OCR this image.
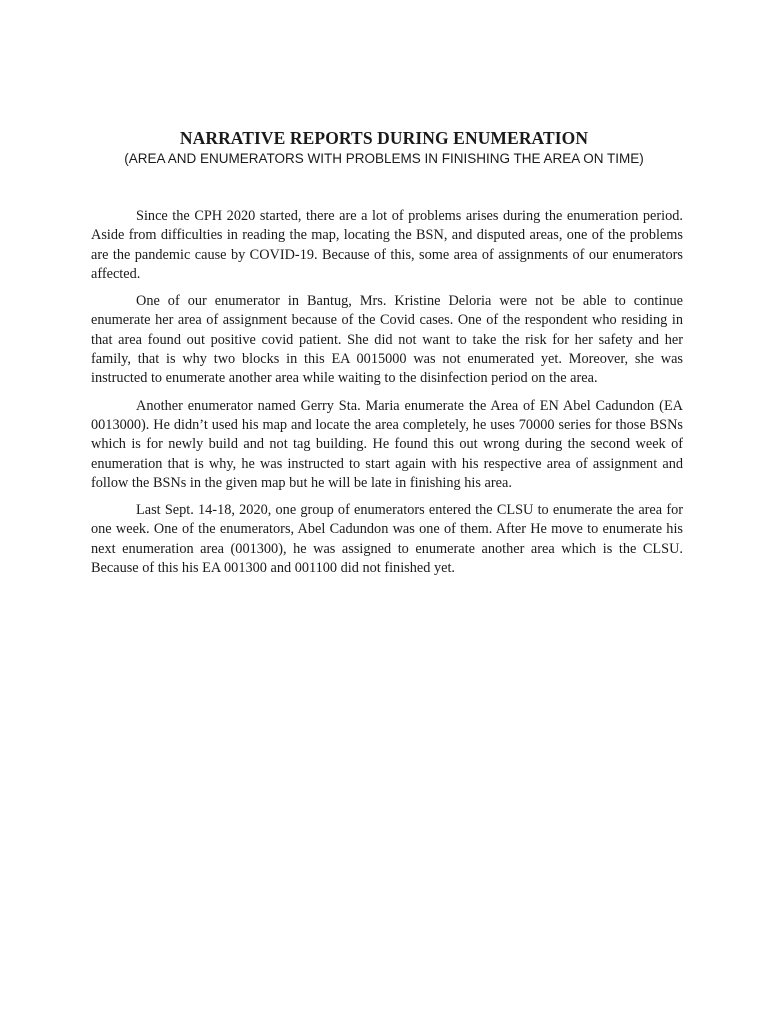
NARRATIVE REPORTS DURING ENUMERATION
(AREA AND ENUMERATORS WITH PROBLEMS IN FINISHING THE AREA ON TIME)

Since the CPH 2020 started, there are a lot of problems arises during the enumeration period. Aside from difficulties in reading the map, locating the BSN, and disputed areas, one of the problems are the pandemic cause by COVID-19. Because of this, some area of assignments of our enumerators affected.

One of our enumerator in Bantug, Mrs. Kristine Deloria were not be able to continue enumerate her area of assignment because of the Covid cases. One of the respondent who residing in that area found out positive covid patient. She did not want to take the risk for her safety and her family, that is why two blocks in this EA 0015000 was not enumerated yet. Moreover, she was instructed to enumerate another area while waiting to the disinfection period on the area.

Another enumerator named Gerry Sta. Maria enumerate the Area of EN Abel Cadundon (EA 0013000). He didn’t used his map and locate the area completely, he uses 70000 series for those BSNs which is for newly build and not tag building. He found this out wrong during the second week of enumeration that is why, he was instructed to start again with his respective area of assignment and follow the BSNs in the given map but he will be late in finishing his area.

Last Sept. 14-18, 2020, one group of enumerators entered the CLSU to enumerate the area for one week. One of the enumerators, Abel Cadundon was one of them. After He move to enumerate his next enumeration area (001300), he was assigned to enumerate another area which is the CLSU. Because of this his EA 001300 and 001100 did not finished yet.
